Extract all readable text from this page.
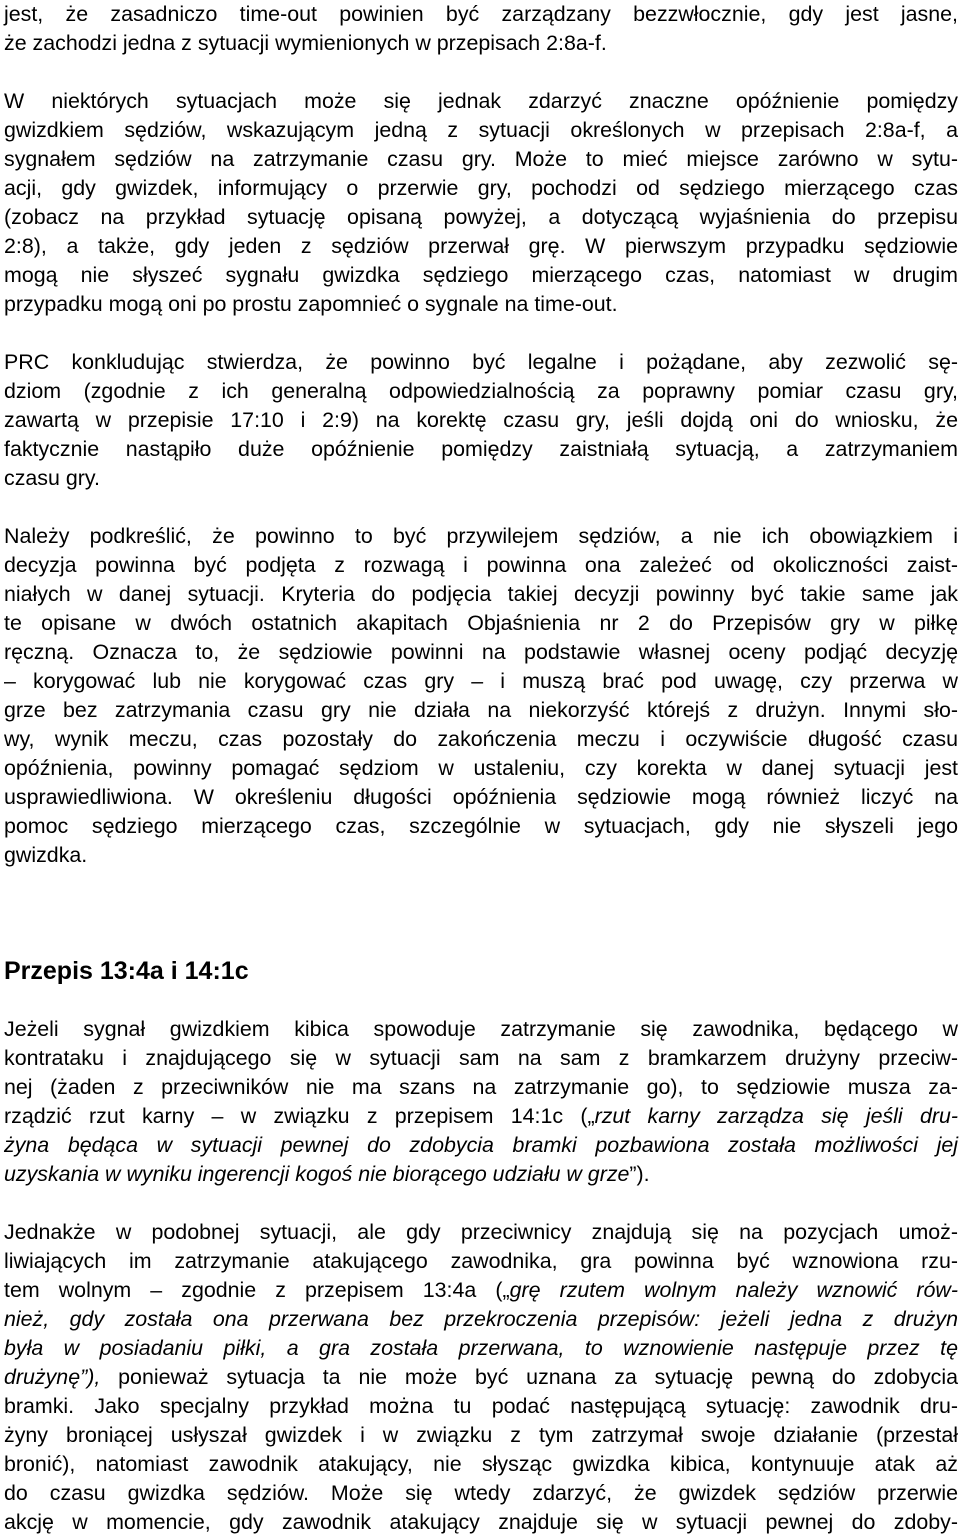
jest, że zasadniczo time-out powinien być zarządzany bezzwłocznie, gdy jest jasne,
że zachodzi jedna z sytuacji wymienionych w przepisach 2:8a-f.
W niektórych sytuacjach może się jednak zdarzyć znaczne opóźnienie pomiędzy
gwizdkiem sędziów, wskazującym jedną z sytuacji określonych w przepisach 2:8a-f, a
sygnałem sędziów na zatrzymanie czasu gry. Może to mieć miejsce zarówno w sytu-
acji, gdy gwizdek, informujący o przerwie gry, pochodzi od sędziego mierzącego czas
(zobacz na przykład sytuację opisaną powyżej, a dotyczącą wyjaśnienia do przepisu
2:8), a także, gdy jeden z sędziów przerwał grę. W pierwszym przypadku sędziowie
mogą nie słyszeć sygnału gwizdka sędziego mierzącego czas, natomiast w drugim
przypadku mogą oni po prostu zapomnieć o sygnale na time-out.
PRC konkludując stwierdza, że powinno być legalne i pożądane, aby zezwolić sę-
dziom (zgodnie z ich generalną odpowiedzialnością za poprawny pomiar czasu gry,
zawartą w przepisie 17:10 i 2:9) na korektę czasu gry, jeśli dojdą oni do wniosku, że
faktycznie nastąpiło duże opóźnienie pomiędzy zaistniałą sytuacją, a zatrzymaniem
czasu gry.
Należy podkreślić, że powinno to być przywilejem sędziów, a nie ich obowiązkiem i
decyzja powinna być podjęta z rozwagą i powinna ona zależeć od okoliczności zaist-
niałych w danej sytuacji. Kryteria do podjęcia takiej decyzji powinny być takie same jak
te opisane w dwóch ostatnich akapitach Objaśnienia nr 2 do Przepisów gry w piłkę
ręczną. Oznacza to, że sędziowie powinni na podstawie własnej oceny podjąć decyzję
– korygować lub nie korygować czas gry – i muszą brać pod uwagę, czy przerwa w
grze bez zatrzymania czasu gry nie działa na niekorzyść którejś z drużyn. Innymi sło-
wy, wynik meczu, czas pozostały do zakończenia meczu i oczywiście długość czasu
opóźnienia, powinny pomagać sędziom w ustaleniu, czy korekta w danej sytuacji jest
usprawiedliwiona. W określeniu długości opóźnienia sędziowie mogą również liczyć na
pomoc sędziego mierzącego czas, szczególnie w sytuacjach, gdy nie słyszeli jego
gwizdka.
Przepis 13:4a i 14:1c
Jeżeli sygnał gwizdkiem kibica spowoduje zatrzymanie się zawodnika, będącego w
kontrataku i znajdującego się w sytuacji sam na sam z bramkarzem drużyny przeciw-
nej (żaden z przeciwników nie ma szans na zatrzymanie go), to sędziowie musza za-
rządzić rzut karny – w związku z przepisem 14:1c („rzut karny zarządza się jeśli dru-
żyna będąca w sytuacji pewnej do zdobycia bramki pozbawiona została możliwości jej
uzyskania w wyniku ingerencji kogoś nie biorącego udziału w grze”).
Jednakże w podobnej sytuacji, ale gdy przeciwnicy znajdują się na pozycjach umoż-
liwiających im zatrzymanie atakującego zawodnika, gra powinna być wznowiona rzu-
tem wolnym – zgodnie z przepisem 13:4a („grę rzutem wolnym należy wznowić rów-
nież, gdy została ona przerwana bez przekroczenia przepisów: jeżeli jedna z drużyn
była w posiadaniu piłki, a gra została przerwana, to wznowienie następuje przez tę
drużynę”), ponieważ sytuacja ta nie może być uznana za sytuację pewną do zdobycia
bramki. Jako specjalny przykład można tu podać następującą sytuację: zawodnik dru-
żyny broniącej usłyszał gwizdek i w związku z tym zatrzymał swoje działanie (przestał
bronić), natomiast zawodnik atakujący, nie słysząc gwizdka kibica, kontynuuje atak aż
do czasu gwizdka sędziów. Może się wtedy zdarzyć, że gwizdek sędziów przerwie
akcję w momencie, gdy zawodnik atakujący znajduje się w sytuacji pewnej do zdoby-
